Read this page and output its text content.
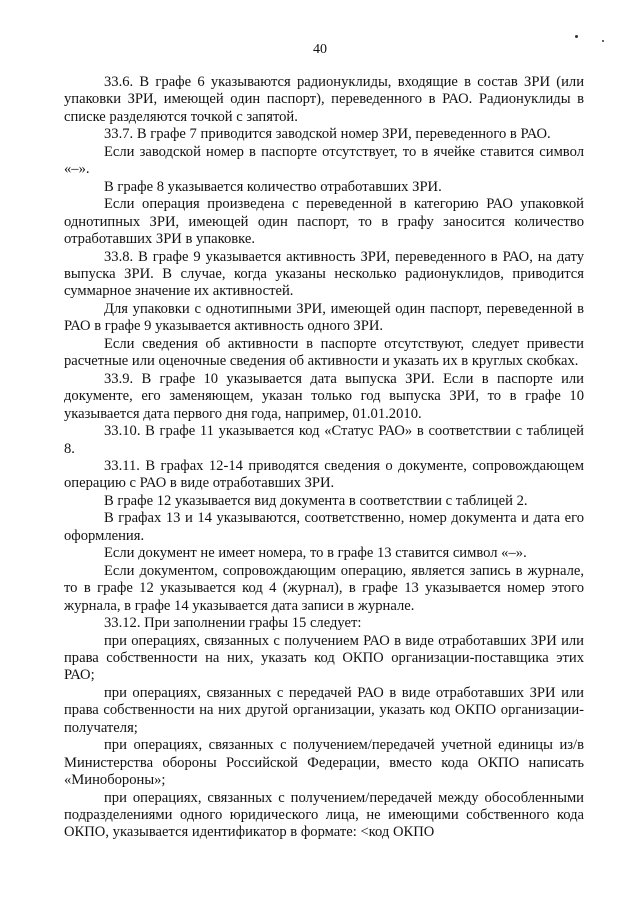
40

33.6. В графе 6 указываются радионуклиды, входящие в состав ЗРИ (или упаковки ЗРИ, имеющей один паспорт), переведенного в РАО. Радионуклиды в списке разделяются точкой с запятой.

33.7. В графе 7 приводится заводской номер ЗРИ, переведенного в РАО.

Если заводской номер в паспорте отсутствует, то в ячейке ставится символ «–».

В графе 8 указывается количество отработавших ЗРИ.

Если операция произведена с переведенной в категорию РАО упаковкой однотипных ЗРИ, имеющей один паспорт, то в графу заносится количество отработавших ЗРИ в упаковке.

33.8. В графе 9 указывается активность ЗРИ, переведенного в РАО, на дату выпуска ЗРИ. В случае, когда указаны несколько радионуклидов, приводится суммарное значение их активностей.

Для упаковки с однотипными ЗРИ, имеющей один паспорт, переведенной в РАО в графе 9 указывается активность одного ЗРИ.

Если сведения об активности в паспорте отсутствуют, следует привести расчетные или оценочные сведения об активности и указать их в круглых скобках.

33.9. В графе 10 указывается дата выпуска ЗРИ. Если в паспорте или документе, его заменяющем, указан только год выпуска ЗРИ, то в графе 10 указывается дата первого дня года, например, 01.01.2010.

33.10. В графе 11 указывается код «Статус РАО» в соответствии с таблицей 8.

33.11. В графах 12-14 приводятся сведения о документе, сопровождающем операцию с РАО в виде отработавших ЗРИ.

В графе 12 указывается вид документа в соответствии с таблицей 2.

В графах 13 и 14 указываются, соответственно, номер документа и дата его оформления.

Если документ не имеет номера, то в графе 13 ставится символ «–».

Если документом, сопровождающим операцию, является запись в журнале, то в графе 12 указывается код 4 (журнал), в графе 13 указывается номер этого журнала, в графе 14 указывается дата записи в журнале.

33.12. При заполнении графы 15 следует:

при операциях, связанных с получением РАО в виде отработавших ЗРИ или права собственности на них, указать код ОКПО организации-поставщика этих РАО;

при операциях, связанных с передачей РАО в виде отработавших ЗРИ или права собственности на них другой организации, указать код ОКПО организации-получателя;

при операциях, связанных с получением/передачей учетной единицы из/в Министерства обороны Российской Федерации, вместо кода ОКПО написать «Минобороны»;

при операциях, связанных с получением/передачей между обособленными подразделениями одного юридического лица, не имеющими собственного кода ОКПО, указывается идентификатор в формате: <код ОКПО
